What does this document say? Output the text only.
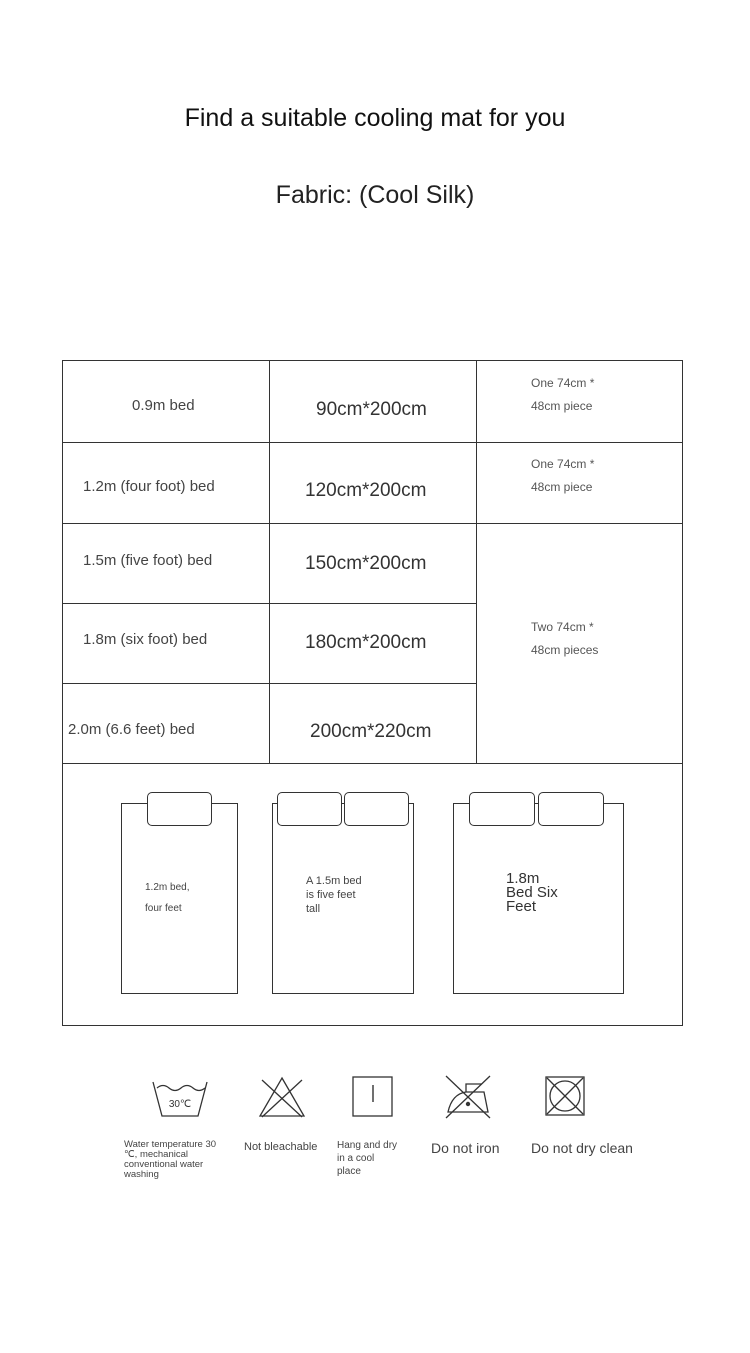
Find a suitable cooling mat for you
Fabric: (Cool Silk)
0.9m bed	90cm*200cm
One 74cm *
48cm piece
1.2m (four foot) bed	120cm*200cm
One 74cm *
48cm piece
1.5m (five foot) bed	150cm*200cm
1.8m (six foot) bed	180cm*200cm
2.0m (6.6 feet) bed	200cm*220cm
Two 74cm *
48cm pieces
1.2m bed,
four feet
A 1.5m bed
is five feet
tall
1.8m
Bed Six
Feet
30℃
Water temperature 30
℃, mechanical
conventional water
washing
Not bleachable Hang and dry
in a cool
place
Do not iron Do not dry clean
